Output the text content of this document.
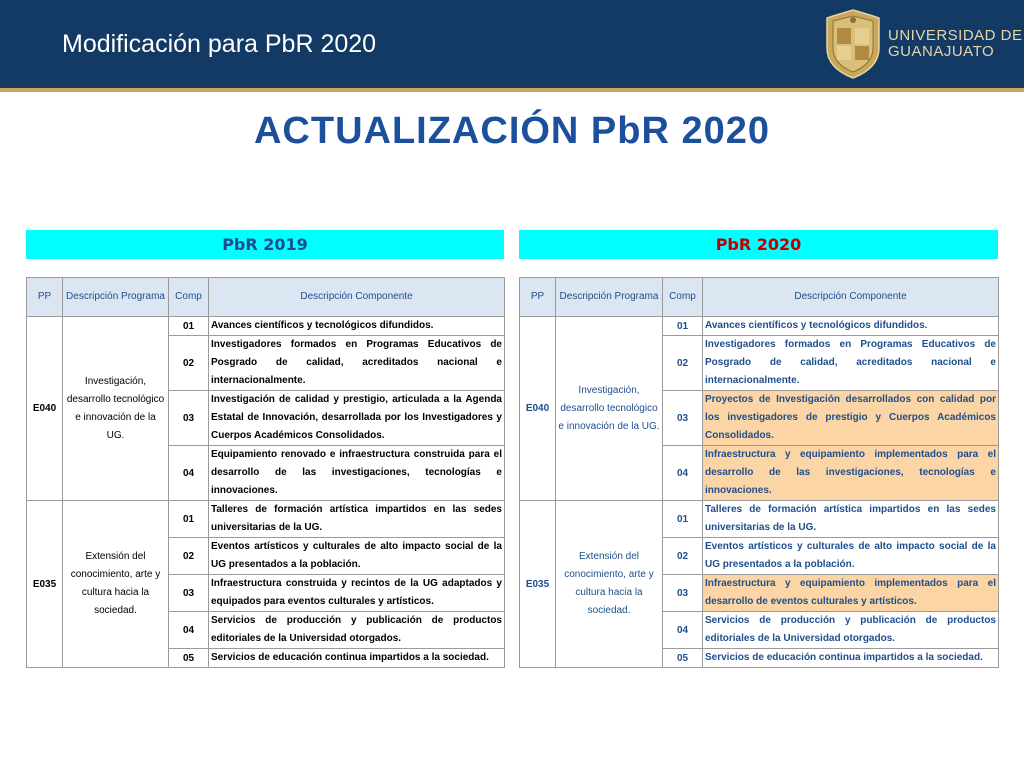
Modificación para PbR 2020	UNIVERSIDAD DE
GUANAJUATO
ACTUALIZACIÓN PbR 2020
PbR 2019	PbR 2020
PP	Descripción Programa	Comp	Descripción Componente
E040	Investigación, desarrollo tecnológico e innovación de la UG.	01	Avances científicos y tecnológicos difundidos.
		02	Investigadores formados en Programas Educativos de Posgrado de calidad, acreditados nacional e internacionalmente.
		03	Investigación de calidad y prestigio, articulada a la Agenda Estatal de Innovación, desarrollada por los Investigadores y Cuerpos Académicos Consolidados.
		04	Equipamiento renovado e infraestructura construida para el desarrollo de las investigaciones, tecnologías e innovaciones.
E035	Extensión del conocimiento, arte y cultura hacia la sociedad.	01	Talleres de formación artística impartidos en las sedes universitarias de la UG.
		02	Eventos artísticos y culturales de alto impacto social de la UG presentados a la población.
		03	Infraestructura construida y recintos de la UG adaptados y equipados para eventos culturales y artísticos.
		04	Servicios de producción y publicación de productos editoriales de la Universidad otorgados.
		05	Servicios de educación continua impartidos a la sociedad.
PP	Descripción Programa	Comp	Descripción Componente
E040	Investigación, desarrollo tecnológico e innovación de la UG.	01	Avances científicos y tecnológicos difundidos.
		02	Investigadores formados en Programas Educativos de Posgrado de calidad, acreditados nacional e internacionalmente.
		03	Proyectos de Investigación desarrollados con calidad por los investigadores de prestigio y Cuerpos Académicos Consolidados.
		04	Infraestructura y equipamiento implementados para el desarrollo de las investigaciones, tecnologías e innovaciones.
E035	Extensión del conocimiento, arte y cultura hacia la sociedad.	01	Talleres de formación artística impartidos en las sedes universitarias de la UG.
		02	Eventos artísticos y culturales de alto impacto social de la UG presentados a la población.
		03	Infraestructura y equipamiento implementados para el desarrollo de eventos culturales y artísticos.
		04	Servicios de producción y publicación de productos editoriales de la Universidad otorgados.
		05	Servicios de educación continua impartidos a la sociedad.
